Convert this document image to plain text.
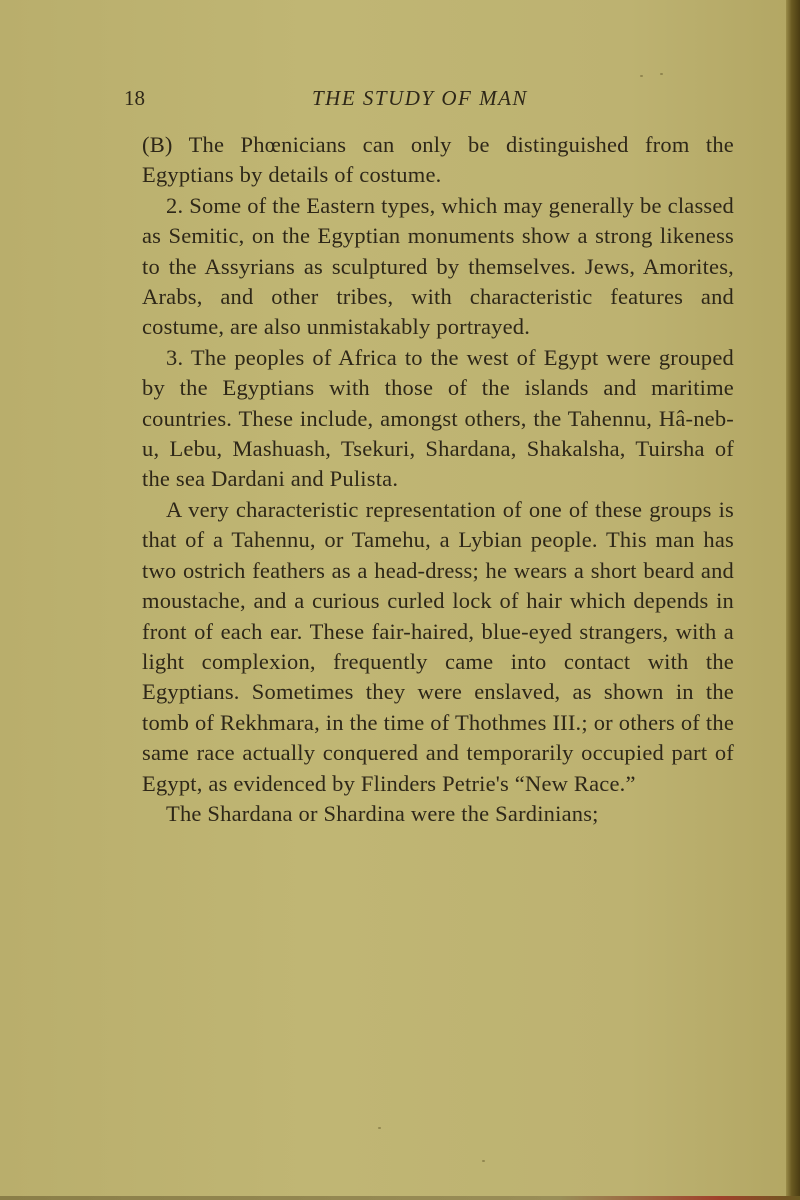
18	THE STUDY OF MAN

(B) The Phœnicians can only be distinguished from the Egyptians by details of costume.

2. Some of the Eastern types, which may generally be classed as Semitic, on the Egyptian monuments show a strong likeness to the Assyrians as sculptured by themselves. Jews, Amorites, Arabs, and other tribes, with characteristic features and costume, are also unmistakably portrayed.

3. The peoples of Africa to the west of Egypt were grouped by the Egyptians with those of the islands and maritime countries. These include, amongst others, the Tahennu, Hâ-neb-u, Lebu, Mashuash, Tsekuri, Shardana, Shakalsha, Tuirsha of the sea Dardani and Pulista.

A very characteristic representation of one of these groups is that of a Tahennu, or Tamehu, a Lybian people. This man has two ostrich feathers as a head-dress; he wears a short beard and moustache, and a curious curled lock of hair which depends in front of each ear. These fair-haired, blue-eyed strangers, with a light complexion, frequently came into contact with the Egyptians. Sometimes they were enslaved, as shown in the tomb of Rekhmara, in the time of Thothmes III.; or others of the same race actually conquered and temporarily occupied part of Egypt, as evidenced by Flinders Petrie's “New Race.”

The Shardana or Shardina were the Sardinians;
